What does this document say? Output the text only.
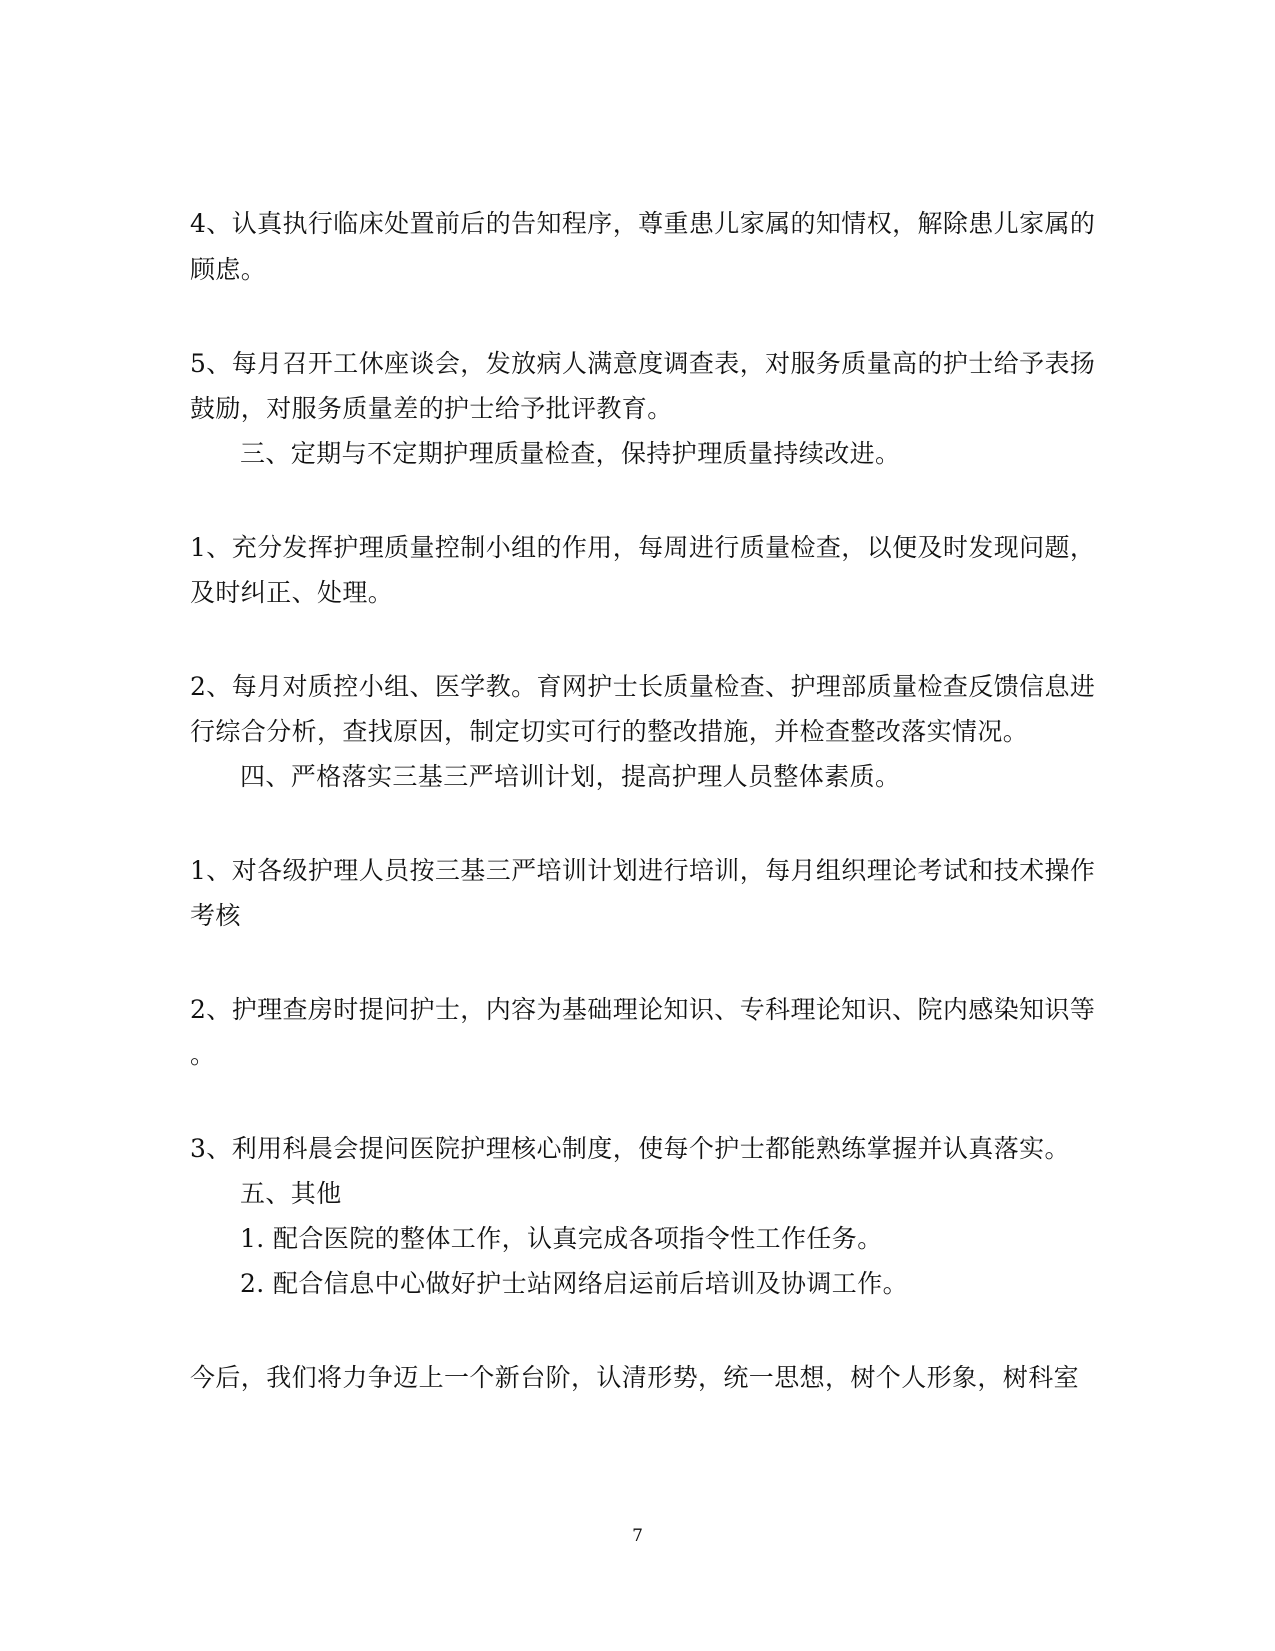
4、认真执行临床处置前后的告知程序，尊重患儿家属的知情权，解除患儿家属的
顾虑。
5、每月召开工休座谈会，发放病人满意度调查表，对服务质量高的护士给予表扬
鼓励，对服务质量差的护士给予批评教育。
三、定期与不定期护理质量检查，保持护理质量持续改进。
1、充分发挥护理质量控制小组的作用，每周进行质量检查，以便及时发现问题，
及时纠正、处理。
2、每月对质控小组、医学教。育网护士长质量检查、护理部质量检查反馈信息进
行综合分析，查找原因，制定切实可行的整改措施，并检查整改落实情况。
四、严格落实三基三严培训计划，提高护理人员整体素质。
1、对各级护理人员按三基三严培训计划进行培训，每月组织理论考试和技术操作
考核
2、护理查房时提问护士，内容为基础理论知识、专科理论知识、院内感染知识等
。
3、利用科晨会提问医院护理核心制度，使每个护士都能熟练掌握并认真落实。
五、其他
1. 配合医院的整体工作，认真完成各项指令性工作任务。
2. 配合信息中心做好护士站网络启运前后培训及协调工作。
今后，我们将力争迈上一个新台阶，认清形势，统一思想，树个人形象，树科室
7
